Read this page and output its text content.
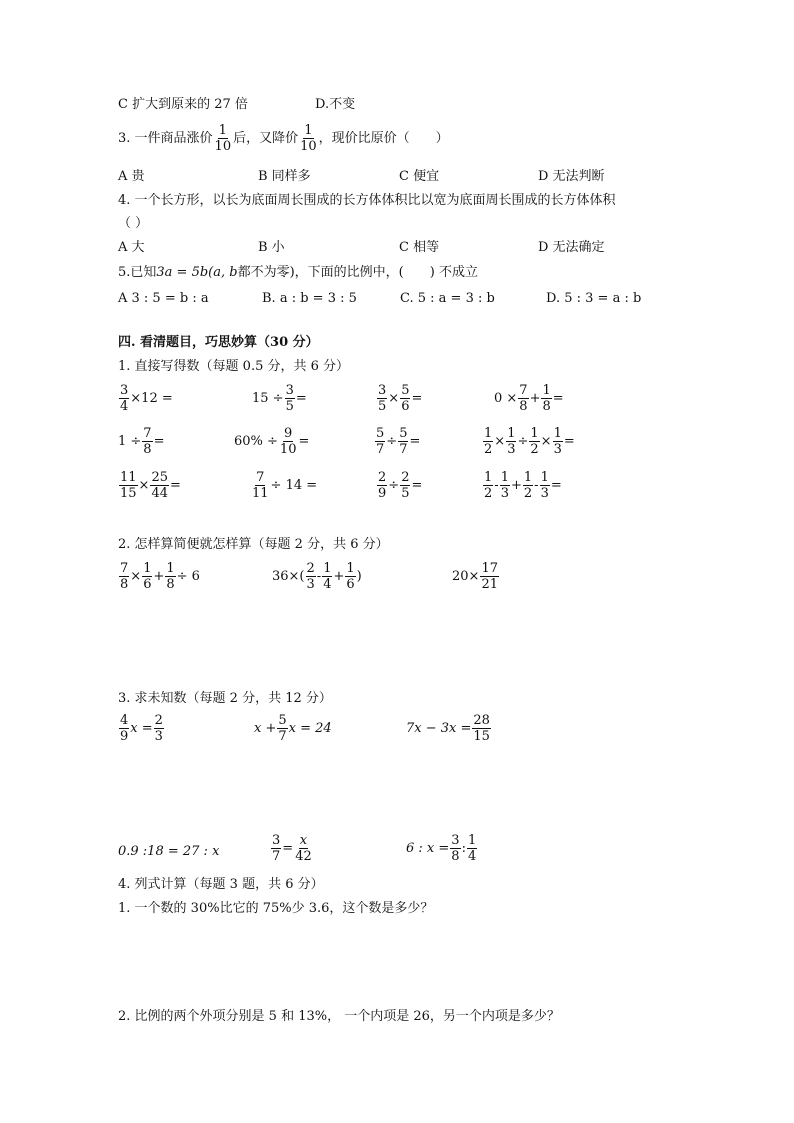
C 扩大到原来的 27 倍	D.不变
3. 一件商品涨价 $\frac{1}{10}$ 后，又降价 $\frac{1}{10}$ ，现价比原价（　　）
A 贵	B 同样多	C 便宜	D 无法判断
4. 一个长方形，以长为底面周长围成的长方体体积比以宽为底面周长围成的长方体体积
（ ）
A 大	B 小	C 相等	D 无法确定
5.已知3a = 5b(a, b都不为零)，下面的比例中，(　　) 不成立
A 3 : 5 = b : a	B. a : b = 3 : 5	C. 5 : a = 3 : b	D. 5 : 3 = a : b
四. 看清题目，巧思妙算（30 分）
1. 直接写得数（每题 0.5 分，共 6 分）
$\frac{3}{4} \times 12$ =	$15 \div \frac{3}{5}$ =	$\frac{3}{5} \times \frac{5}{6}$ =	$0 \times \frac{7}{8} + \frac{1}{8}$ =
$1 \div \frac{7}{8}$ =	$60\% \div \frac{9}{10}$ =	$\frac{5}{7} \div \frac{5}{7}$ =	$\frac{1}{2} \times \frac{1}{3} \div \frac{1}{2} \times \frac{1}{3}$ =
$\frac{11}{15} \times \frac{25}{44}$ =	$\frac{7}{11} \div 14$ =	$\frac{2}{9} \div \frac{2}{5}$ =	$\frac{1}{2} - \frac{1}{3} + \frac{1}{2} - \frac{1}{3}$ =
2. 怎样算简便就怎样算（每题 2 分，共 6 分）
$\frac{7}{8} \times \frac{1}{6} + \frac{1}{8} \div 6$	$36\times( \frac{2}{3} - \frac{1}{4} + \frac{1}{6}$ )	$20\times \frac{17}{21}$
3. 求未知数（每题 2 分，共 12 分）
$\frac{4}{9}$ $x = \frac{2}{3}$	$x + \frac{5}{7}$ x = 24	$7x - 3x = \frac{28}{15}$
0.9 :18 = 27 : x	$\frac{3}{7} = \frac{x}{42}$	6 : $x = \frac{3}{8}$ : $\frac{1}{4}$
4. 列式计算（每题 3 题，共 6 分）
1. 一个数的 30%比它的 75%少 3.6，这个数是多少？
2. 比例的两个外项分别是 5 和 13%， 一个内项是 26，另一个内项是多少？
